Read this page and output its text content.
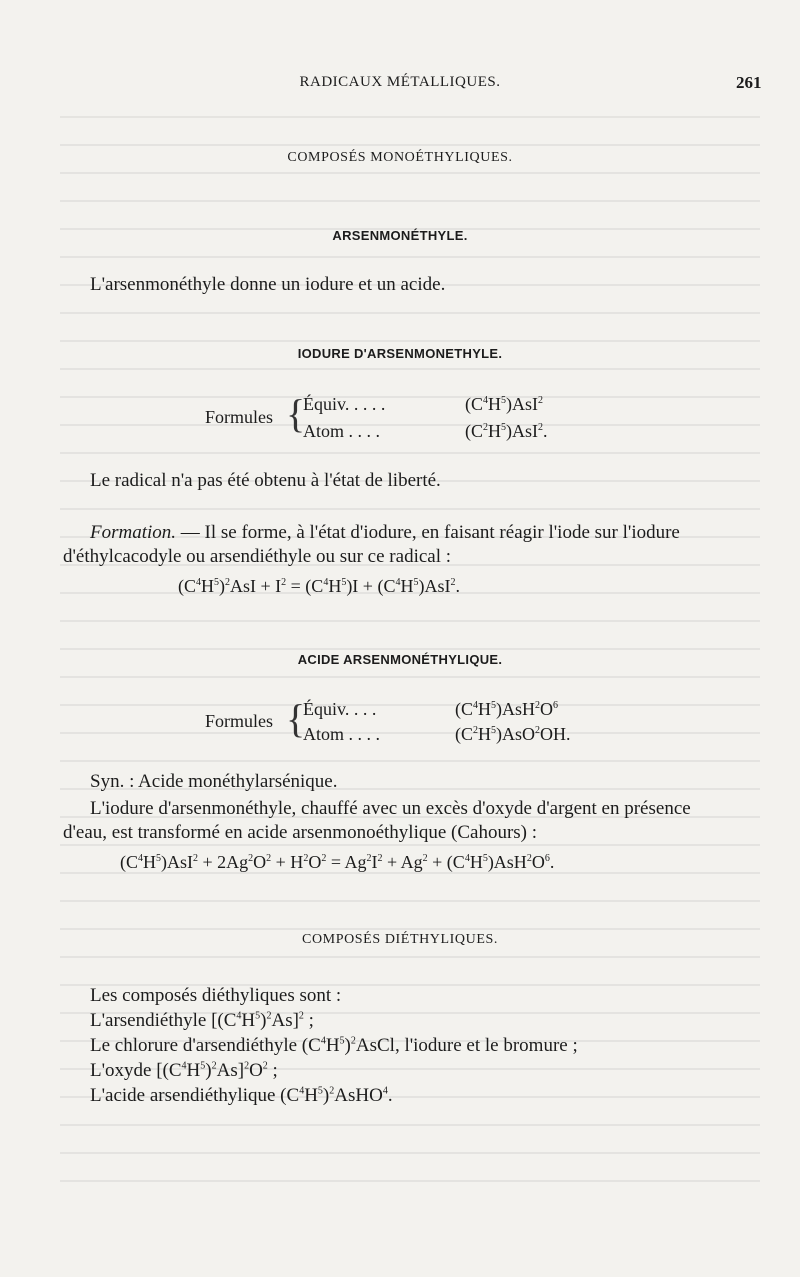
RADICAUX MÉTALLIQUES.	261
COMPOSÉS MONOÉTHYLIQUES.
ARSENMONÉTHYLE.
L'arsenmonéthyle donne un iodure et un acide.
IODURE D'ARSENMONETHYLE.
Formules {
Équiv. . . . .
Atom . . . .
$(C^4H^5)AsI^2$
$(C^2H^5)AsI^2$.
Le radical n'a pas été obtenu à l'état de liberté.
Formation. — Il se forme, à l'état d'iodure, en faisant réagir l'iode sur l'iodure
d'éthylcacodyle ou arsendiéthyle ou sur ce radical :
$(C^4H^5)^2AsI + I^2 = (C^4H^5)I + (C^4H^5)AsI^2$.
ACIDE ARSENMONÉTHYLIQUE.
Formules {
Équiv. . . .
Atom . . . .
$(C^4H^5)AsH^2O^6$
$(C^2H^5)AsO^2OH$.
Syn. : Acide monéthylarsénique.
L'iodure d'arsenmonéthyle, chauffé avec un excès d'oxyde d'argent en présence
d'eau, est transformé en acide arsenmonoéthylique (Cahours) :
$(C^4H^5)AsI^2 + 2Ag^2O^2 + H^2O^2 = Ag^2I^2 + Ag^2 + (C^4H^5)AsH^2O^6$.
COMPOSÉS DIÉTHYLIQUES.
Les composés diéthyliques sont :
L'arsendiéthyle $[(C^4H^5)^2As]^2$ ;
Le chlorure d'arsendiéthyle $(C^4H^5)^2AsCl$, l'iodure et le bromure ;
L'oxyde $[(C^4H^5)^2As]^2O^2$ ;
L'acide arsendiéthylique $(C^4H^5)^2AsHO^4$.
